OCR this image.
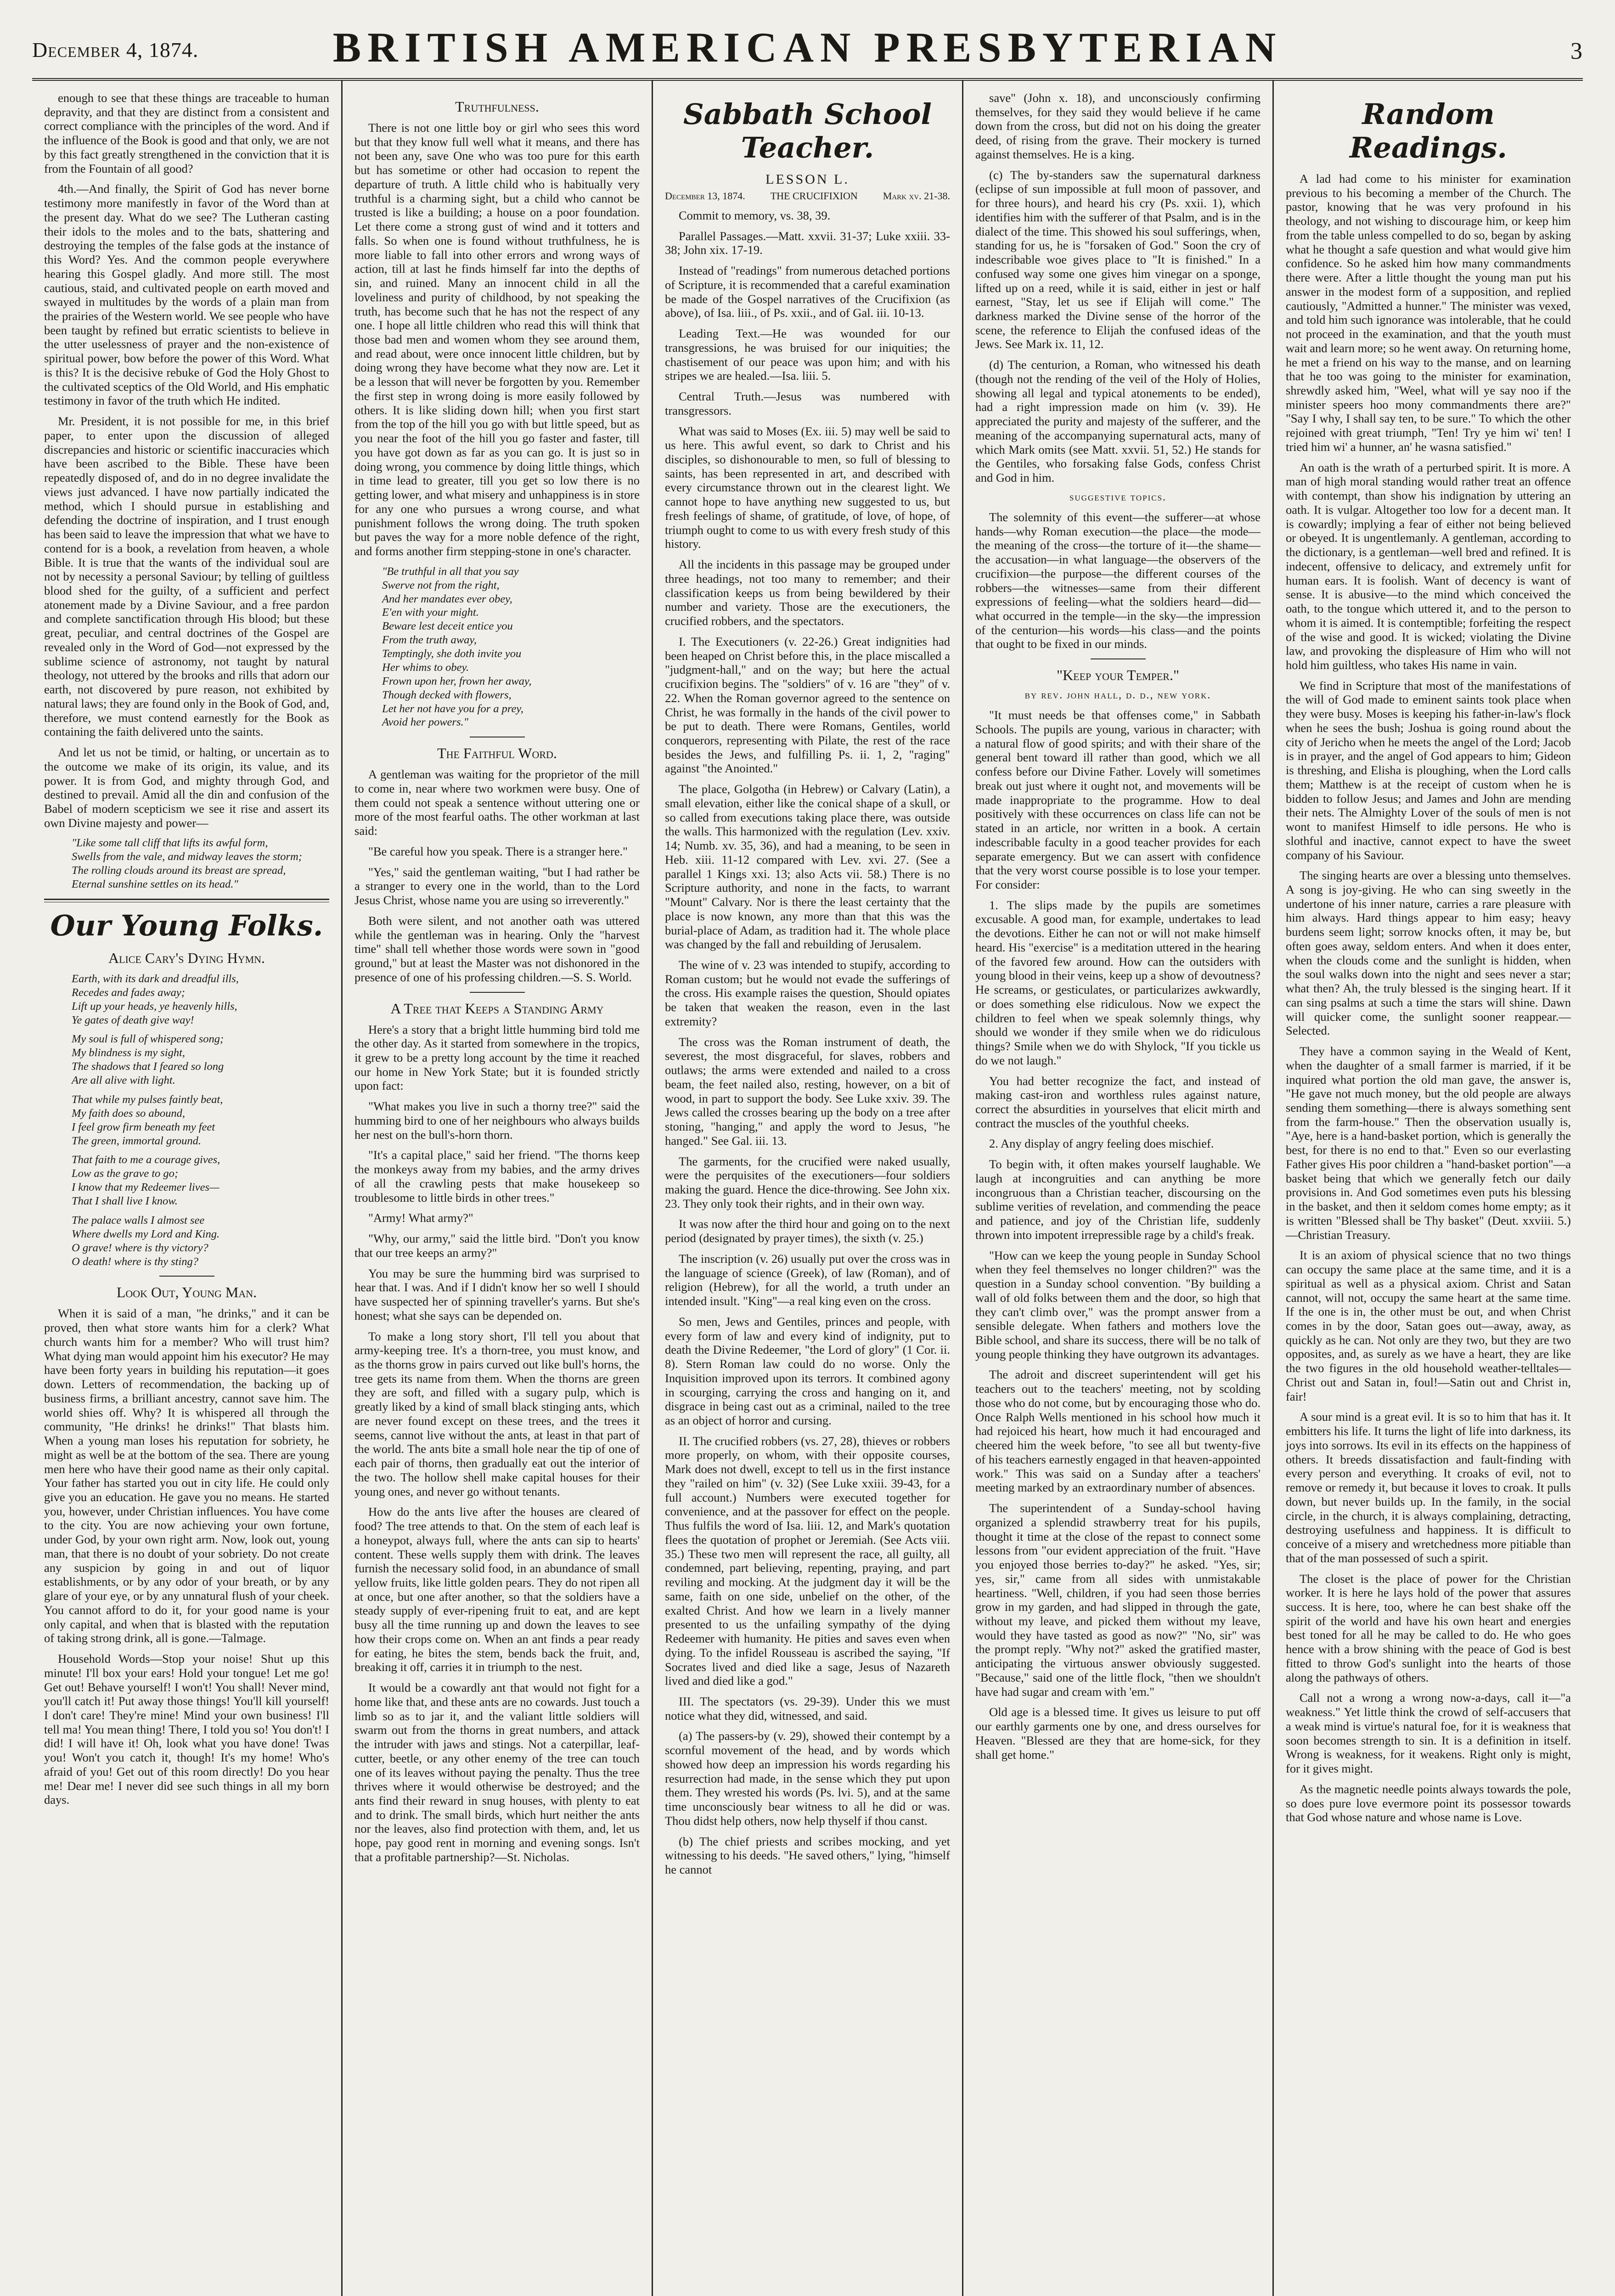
December 4, 1874.	BRITISH AMERICAN PRESBYTERIAN	3

enough to see that these things are traceable to human depravity, and that they are distinct from a consistent and correct compliance with the principles of the word. And if the influence of the Book is good and that only, we are not by this fact greatly strengthened in the conviction that it is from the Fountain of all good?

4th.—And finally, the Spirit of God has never borne testimony more manifestly in favor of the Word than at the present day. What do we see? The Lutheran casting their idols to the moles and to the bats, shattering and destroying the temples of the false gods at the instance of this Word? Yes. And the common people everywhere hearing this Gospel gladly. And more still. The most cautious, staid, and cultivated people on earth moved and swayed in multitudes by the words of a plain man from the prairies of the Western world. We see people who have been taught by refined but erratic scientists to believe in the utter uselessness of prayer and the non-existence of spiritual power, bow before the power of this Word. What is this? It is the decisive rebuke of God the Holy Ghost to the cultivated sceptics of the Old World, and His emphatic testimony in favor of the truth which He indited.

Mr. President, it is not possible for me, in this brief paper, to enter upon the discussion of alleged discrepancies and historic or scientific inaccuracies which have been ascribed to the Bible. These have been repeatedly disposed of, and do in no degree invalidate the views just advanced. I have now partially indicated the method, which I should pursue in establishing and defending the doctrine of inspiration, and I trust enough has been said to leave the impression that what we have to contend for is a book, a revelation from heaven, a whole Bible. It is true that the wants of the individual soul are not by necessity a personal Saviour; by telling of guiltless blood shed for the guilty, of a sufficient and perfect atonement made by a Divine Saviour, and a free pardon and complete sanctification through His blood; but these great, peculiar, and central doctrines of the Gospel are revealed only in the Word of God—not expressed by the sublime science of astronomy, not taught by natural theology, not uttered by the brooks and rills that adorn our earth, not discovered by pure reason, not exhibited by natural laws; they are found only in the Book of God, and, therefore, we must contend earnestly for the Book as containing the faith delivered unto the saints.

And let us not be timid, or halting, or uncertain as to the outcome we make of its origin, its value, and its power. It is from God, and mighty through God, and destined to prevail. Amid all the din and confusion of the Babel of modern scepticism we see it rise and assert its own Divine majesty and power—

"Like some tall cliff that lifts its awful form,
Swells from the vale, and midway leaves the storm;
The rolling clouds around its breast are spread,
Eternal sunshine settles on its head."
Our Young Folks.
Alice Cary's Dying Hymn.
Earth, with its dark and dreadful ills,
Recedes and fades away;
Lift up your heads, ye heavenly hills,
Ye gates of death give way!
My soul is full of whispered song;
My blindness is my sight,
The shadows that I feared so long
Are all alive with light.
That while my pulses faintly beat,
My faith does so abound,
I feel grow firm beneath my feet
The green, immortal ground.
That faith to me a courage gives,
Low as the grave to go;
I know that my Redeemer lives—
That I shall live I know.
The palace walls I almost see
Where dwells my Lord and King.
O grave! where is thy victory?
O death! where is thy sting?
Look Out, Young Man.

When it is said of a man, "he drinks," and it can be proved, then what store wants him for a clerk? What church wants him for a member? Who will trust him? What dying man would appoint him his executor? He may have been forty years in building his reputation—it goes down. Letters of recommendation, the backing up of business firms, a brilliant ancestry, cannot save him. The world shies off. Why? It is whispered all through the community, "He drinks! he drinks!" That blasts him. When a young man loses his reputation for sobriety, he might as well be at the bottom of the sea. There are young men here who have their good name as their only capital. Your father has started you out in city life. He could only give you an education. He gave you no means. He started you, however, under Christian influences. You have come to the city. You are now achieving your own fortune, under God, by your own right arm. Now, look out, young man, that there is no doubt of your sobriety. Do not create any suspicion by going in and out of liquor establishments, or by any odor of your breath, or by any glare of your eye, or by any unnatural flush of your cheek. You cannot afford to do it, for your good name is your only capital, and when that is blasted with the reputation of taking strong drink, all is gone.—Talmage.

Household Words—Stop your noise! Shut up this minute! I'll box your ears! Hold your tongue! Let me go! Get out! Behave yourself! I won't! You shall! Never mind, you'll catch it! Put away those things! You'll kill yourself! I don't care! They're mine! Mind your own business! I'll tell ma! You mean thing! There, I told you so! You don't! I did! I will have it! Oh, look what you have done! Twas you! Won't you catch it, though! It's my home! Who's afraid of you! Get out of this room directly! Do you hear me! Dear me! I never did see such things in all my born days.

Truthfulness.

There is not one little boy or girl who sees this word but that they know full well what it means, and there has not been any, save One who was too pure for this earth but has sometime or other had occasion to repent the departure of truth. A little child who is habitually very truthful is a charming sight, but a child who cannot be trusted is like a building; a house on a poor foundation. Let there come a strong gust of wind and it totters and falls. So when one is found without truthfulness, he is more liable to fall into other errors and wrong ways of action, till at last he finds himself far into the depths of sin, and ruined. Many an innocent child in all the loveliness and purity of childhood, by not speaking the truth, has become such that he has not the respect of any one. I hope all little children who read this will think that those bad men and women whom they see around them, and read about, were once innocent little children, but by doing wrong they have become what they now are. Let it be a lesson that will never be forgotten by you. Remember the first step in wrong doing is more easily followed by others. It is like sliding down hill; when you first start from the top of the hill you go with but little speed, but as you near the foot of the hill you go faster and faster, till you have got down as far as you can go. It is just so in doing wrong, you commence by doing little things, which in time lead to greater, till you get so low there is no getting lower, and what misery and unhappiness is in store for any one who pursues a wrong course, and what punishment follows the wrong doing. The truth spoken but paves the way for a more noble defence of the right, and forms another firm stepping-stone in one's character.

"Be truthful in all that you say
Swerve not from the right,
And her mandates ever obey,
E'en with your might.
Beware lest deceit entice you
From the truth away,
Temptingly, she doth invite you
Her whims to obey.
Frown upon her, frown her away,
Though decked with flowers,
Let her not have you for a prey,
Avoid her powers."
The Faithful Word.

A gentleman was waiting for the proprietor of the mill to come in, near where two workmen were busy. One of them could not speak a sentence without uttering one or more of the most fearful oaths. The other workman at last said:

"Be careful how you speak. There is a stranger here."

"Yes," said the gentleman waiting, "but I had rather be a stranger to every one in the world, than to the Lord Jesus Christ, whose name you are using so irreverently."

Both were silent, and not another oath was uttered while the gentleman was in hearing. Only the "harvest time" shall tell whether those words were sown in "good ground," but at least the Master was not dishonored in the presence of one of his professing children.—S. S. World.

A Tree that Keeps a Standing Army

Here's a story that a bright little humming bird told me the other day. As it started from somewhere in the tropics, it grew to be a pretty long account by the time it reached our home in New York State; but it is founded strictly upon fact:

"What makes you live in such a thorny tree?" said the humming bird to one of her neighbours who always builds her nest on the bull's-horn thorn.

"It's a capital place," said her friend. "The thorns keep the monkeys away from my babies, and the army drives of all the crawling pests that make housekeep so troublesome to little birds in other trees."

"Army! What army?"

"Why, our army," said the little bird. "Don't you know that our tree keeps an army?"

You may be sure the humming bird was surprised to hear that. I was. And if I didn't know her so well I should have suspected her of spinning traveller's yarns. But she's honest; what she says can be depended on.

To make a long story short, I'll tell you about that army-keeping tree. It's a thorn-tree, you must know, and as the thorns grow in pairs curved out like bull's horns, the tree gets its name from them. When the thorns are green they are soft, and filled with a sugary pulp, which is greatly liked by a kind of small black stinging ants, which are never found except on these trees, and the trees it seems, cannot live without the ants, at least in that part of the world. The ants bite a small hole near the tip of one of each pair of thorns, then gradually eat out the interior of the two. The hollow shell make capital houses for their young ones, and never go without tenants.

How do the ants live after the houses are cleared of food? The tree attends to that. On the stem of each leaf is a honeypot, always full, where the ants can sip to hearts' content. These wells supply them with drink. The leaves furnish the necessary solid food, in an abundance of small yellow fruits, like little golden pears. They do not ripen all at once, but one after another, so that the soldiers have a steady supply of ever-ripening fruit to eat, and are kept busy all the time running up and down the leaves to see how their crops come on. When an ant finds a pear ready for eating, he bites the stem, bends back the fruit, and, breaking it off, carries it in triumph to the nest.

It would be a cowardly ant that would not fight for a home like that, and these ants are no cowards. Just touch a limb so as to jar it, and the valiant little soldiers will swarm out from the thorns in great numbers, and attack the intruder with jaws and stings. Not a caterpillar, leaf-cutter, beetle, or any other enemy of the tree can touch one of its leaves without paying the penalty. Thus the tree thrives where it would otherwise be destroyed; and the ants find their reward in snug houses, with plenty to eat and to drink. The small birds, which hurt neither the ants nor the leaves, also find protection with them, and, let us hope, pay good rent in morning and evening songs. Isn't that a profitable partnership?—St. Nicholas.

Sabbath School Teacher.
LESSON L.
December 13, 1874. THE CRUCIFIXION Mark xv. 21-38.

Commit to memory, vs. 38, 39.

Parallel Passages.—Matt. xxvii. 31-37; Luke xxiii. 33-38; John xix. 17-19.

Instead of "readings" from numerous detached portions of Scripture, it is recommended that a careful examination be made of the Gospel narratives of the Crucifixion (as above), of Isa. liii., of Ps. xxii., and of Gal. iii. 10-13.

Leading Text.—He was wounded for our transgressions, he was bruised for our iniquities; the chastisement of our peace was upon him; and with his stripes we are healed.—Isa. liii. 5.

Central Truth.—Jesus was numbered with transgressors.

What was said to Moses (Ex. iii. 5) may well be said to us here. This awful event, so dark to Christ and his disciples, so dishonourable to men, so full of blessing to saints, has been represented in art, and described with every circumstance thrown out in the clearest light. We cannot hope to have anything new suggested to us, but fresh feelings of shame, of gratitude, of love, of hope, of triumph ought to come to us with every fresh study of this history.

All the incidents in this passage may be grouped under three headings, not too many to remember; and their classification keeps us from being bewildered by their number and variety. Those are the executioners, the crucified robbers, and the spectators.

I. The Executioners (v. 22-26.) Great indignities had been heaped on Christ before this, in the place miscalled a "judgment-hall," and on the way; but here the actual crucifixion begins. The "soldiers" of v. 16 are "they" of v. 22. When the Roman governor agreed to the sentence on Christ, he was formally in the hands of the civil power to be put to death. There were Romans, Gentiles, world conquerors, representing with Pilate, the rest of the race besides the Jews, and fulfilling Ps. ii. 1, 2, "raging" against "the Anointed."

The place, Golgotha (in Hebrew) or Calvary (Latin), a small elevation, either like the conical shape of a skull, or so called from executions taking place there, was outside the walls. This harmonized with the regulation (Lev. xxiv. 14; Numb. xv. 35, 36), and had a meaning, to be seen in Heb. xiii. 11-12 compared with Lev. xvi. 27. (See a parallel 1 Kings xxi. 13; also Acts vii. 58.) There is no Scripture authority, and none in the facts, to warrant "Mount" Calvary. Nor is there the least certainty that the place is now known, any more than that this was the burial-place of Adam, as tradition had it. The whole place was changed by the fall and rebuilding of Jerusalem.

The wine of v. 23 was intended to stupify, according to Roman custom; but he would not evade the sufferings of the cross. His example raises the question, Should opiates be taken that weaken the reason, even in the last extremity?

The cross was the Roman instrument of death, the severest, the most disgraceful, for slaves, robbers and outlaws; the arms were extended and nailed to a cross beam, the feet nailed also, resting, however, on a bit of wood, in part to support the body. See Luke xxiv. 39. The Jews called the crosses bearing up the body on a tree after stoning, "hanging," and apply the word to Jesus, "he hanged." See Gal. iii. 13.

The garments, for the crucified were naked usually, were the perquisites of the executioners—four soldiers making the guard. Hence the dice-throwing. See John xix. 23. They only took their rights, and in their own way.

It was now after the third hour and going on to the next period (designated by prayer times), the sixth (v. 25.)

The inscription (v. 26) usually put over the cross was in the language of science (Greek), of law (Roman), and of religion (Hebrew), for all the world, a truth under an intended insult. "King"—a real king even on the cross.

So men, Jews and Gentiles, princes and people, with every form of law and every kind of indignity, put to death the Divine Redeemer, "the Lord of glory" (1 Cor. ii. 8). Stern Roman law could do no worse. Only the Inquisition improved upon its terrors. It combined agony in scourging, carrying the cross and hanging on it, and disgrace in being cast out as a criminal, nailed to the tree as an object of horror and cursing.

II. The crucified robbers (vs. 27, 28), thieves or robbers more properly, on whom, with their opposite courses, Mark does not dwell, except to tell us in the first instance they "railed on him" (v. 32) (See Luke xxiii. 39-43, for a full account.) Numbers were executed together for convenience, and at the passover for effect on the people. Thus fulfils the word of Isa. liii. 12, and Mark's quotation flees the quotation of prophet or Jeremiah. (See Acts viii. 35.) These two men will represent the race, all guilty, all condemned, part believing, repenting, praying, and part reviling and mocking. At the judgment day it will be the same, faith on one side, unbelief on the other, of the exalted Christ. And how we learn in a lively manner presented to us the unfailing sympathy of the dying Redeemer with humanity. He pities and saves even when dying. To the infidel Rousseau is ascribed the saying, "If Socrates lived and died like a sage, Jesus of Nazareth lived and died like a god."

III. The spectators (vs. 29-39). Under this we must notice what they did, witnessed, and said.

(a) The passers-by (v. 29), showed their contempt by a scornful movement of the head, and by words which showed how deep an impression his words regarding his resurrection had made, in the sense which they put upon them. They wrested his words (Ps. lvi. 5), and at the same time unconsciously bear witness to all he did or was. Thou didst help others, now help thyself if thou canst.

(b) The chief priests and scribes mocking, and yet witnessing to his deeds. "He saved others," lying, "himself he cannot

save" (John x. 18), and unconsciously confirming themselves, for they said they would believe if he came down from the cross, but did not on his doing the greater deed, of rising from the grave. Their mockery is turned against themselves. He is a king.

(c) The by-standers saw the supernatural darkness (eclipse of sun impossible at full moon of passover, and for three hours), and heard his cry (Ps. xxii. 1), which identifies him with the sufferer of that Psalm, and is in the dialect of the time. This showed his soul sufferings, when, standing for us, he is "forsaken of God." Soon the cry of indescribable woe gives place to "It is finished." In a confused way some one gives him vinegar on a sponge, lifted up on a reed, while it is said, either in jest or half earnest, "Stay, let us see if Elijah will come." The darkness marked the Divine sense of the horror of the scene, the reference to Elijah the confused ideas of the Jews. See Mark ix. 11, 12.

(d) The centurion, a Roman, who witnessed his death (though not the rending of the veil of the Holy of Holies, showing all legal and typical atonements to be ended), had a right impression made on him (v. 39). He appreciated the purity and majesty of the sufferer, and the meaning of the accompanying supernatural acts, many of which Mark omits (see Matt. xxvii. 51, 52.) He stands for the Gentiles, who forsaking false Gods, confess Christ and God in him.

suggestive topics.

The solemnity of this event—the sufferer—at whose hands—why Roman execution—the place—the mode—the meaning of the cross—the torture of it—the shame—the accusation—in what language—the observers of the crucifixion—the purpose—the different courses of the robbers—the witnesses—same from their different expressions of feeling—what the soldiers heard—did—what occurred in the temple—in the sky—the impression of the centurion—his words—his class—and the points that ought to be fixed in our minds.

"Keep your Temper."
by rev. john hall, d. d., new york.

"It must needs be that offenses come," in Sabbath Schools. The pupils are young, various in character; with a natural flow of good spirits; and with their share of the general bent toward ill rather than good, which we all confess before our Divine Father. Lovely will sometimes break out just where it ought not, and movements will be made inappropriate to the programme. How to deal positively with these occurrences on class life can not be stated in an article, nor written in a book. A certain indescribable faculty in a good teacher provides for each separate emergency. But we can assert with confidence that the very worst course possible is to lose your temper. For consider:

1. The slips made by the pupils are sometimes excusable. A good man, for example, undertakes to lead the devotions. Either he can not or will not make himself heard. His "exercise" is a meditation uttered in the hearing of the favored few around. How can the outsiders with young blood in their veins, keep up a show of devoutness? He screams, or gesticulates, or particularizes awkwardly, or does something else ridiculous. Now we expect the children to feel when we speak solemnly things, why should we wonder if they smile when we do ridiculous things? Smile when we do with Shylock, "If you tickle us do we not laugh."

You had better recognize the fact, and instead of making cast-iron and worthless rules against nature, correct the absurdities in yourselves that elicit mirth and contract the muscles of the youthful cheeks.

2. Any display of angry feeling does mischief.

To begin with, it often makes yourself laughable. We laugh at incongruities and can anything be more incongruous than a Christian teacher, discoursing on the sublime verities of revelation, and commending the peace and patience, and joy of the Christian life, suddenly thrown into impotent irrepressible rage by a child's freak.

"How can we keep the young people in Sunday School when they feel themselves no longer children?" was the question in a Sunday school convention. "By building a wall of old folks between them and the door, so high that they can't climb over," was the prompt answer from a sensible delegate. When fathers and mothers love the Bible school, and share its success, there will be no talk of young people thinking they have outgrown its advantages.

The adroit and discreet superintendent will get his teachers out to the teachers' meeting, not by scolding those who do not come, but by encouraging those who do. Once Ralph Wells mentioned in his school how much it had rejoiced his heart, how much it had encouraged and cheered him the week before, "to see all but twenty-five of his teachers earnestly engaged in that heaven-appointed work." This was said on a Sunday after a teachers' meeting marked by an extraordinary number of absences.

The superintendent of a Sunday-school having organized a splendid strawberry treat for his pupils, thought it time at the close of the repast to connect some lessons from "our evident appreciation of the fruit. "Have you enjoyed those berries to-day?" he asked. "Yes, sir; yes, sir," came from all sides with unmistakable heartiness. "Well, children, if you had seen those berries grow in my garden, and had slipped in through the gate, without my leave, and picked them without my leave, would they have tasted as good as now?" "No, sir" was the prompt reply. "Why not?" asked the gratified master, anticipating the virtuous answer obviously suggested. "Because," said one of the little flock, "then we shouldn't have had sugar and cream with 'em."

Old age is a blessed time. It gives us leisure to put off our earthly garments one by one, and dress ourselves for Heaven. "Blessed are they that are home-sick, for they shall get home."

Random Readings.

A lad had come to his minister for examination previous to his becoming a member of the Church. The pastor, knowing that he was very profound in his theology, and not wishing to discourage him, or keep him from the table unless compelled to do so, began by asking what he thought a safe question and what would give him confidence. So he asked him how many commandments there were. After a little thought the young man put his answer in the modest form of a supposition, and replied cautiously, "Admitted a hunner." The minister was vexed, and told him such ignorance was intolerable, that he could not proceed in the examination, and that the youth must wait and learn more; so he went away. On returning home, he met a friend on his way to the manse, and on learning that he too was going to the minister for examination, shrewdly asked him, "Weel, what will ye say noo if the minister speers hoo mony commandments there are?" "Say I why, I shall say ten, to be sure." To which the other rejoined with great triumph, "Ten! Try ye him wi' ten! I tried him wi' a hunner, an' he wasna satisfied."

An oath is the wrath of a perturbed spirit. It is more. A man of high moral standing would rather treat an offence with contempt, than show his indignation by uttering an oath. It is vulgar. Altogether too low for a decent man. It is cowardly; implying a fear of either not being believed or obeyed. It is ungentlemanly. A gentleman, according to the dictionary, is a gentleman—well bred and refined. It is indecent, offensive to delicacy, and extremely unfit for human ears. It is foolish. Want of decency is want of sense. It is abusive—to the mind which conceived the oath, to the tongue which uttered it, and to the person to whom it is aimed. It is contemptible; forfeiting the respect of the wise and good. It is wicked; violating the Divine law, and provoking the displeasure of Him who will not hold him guiltless, who takes His name in vain.

We find in Scripture that most of the manifestations of the will of God made to eminent saints took place when they were busy. Moses is keeping his father-in-law's flock when he sees the bush; Joshua is going round about the city of Jericho when he meets the angel of the Lord; Jacob is in prayer, and the angel of God appears to him; Gideon is threshing, and Elisha is ploughing, when the Lord calls them; Matthew is at the receipt of custom when he is bidden to follow Jesus; and James and John are mending their nets. The Almighty Lover of the souls of men is not wont to manifest Himself to idle persons. He who is slothful and inactive, cannot expect to have the sweet company of his Saviour.

The singing hearts are over a blessing unto themselves. A song is joy-giving. He who can sing sweetly in the undertone of his inner nature, carries a rare pleasure with him always. Hard things appear to him easy; heavy burdens seem light; sorrow knocks often, it may be, but often goes away, seldom enters. And when it does enter, when the clouds come and the sunlight is hidden, when the soul walks down into the night and sees never a star; what then? Ah, the truly blessed is the singing heart. If it can sing psalms at such a time the stars will shine. Dawn will quicker come, the sunlight sooner reappear.—Selected.

They have a common saying in the Weald of Kent, when the daughter of a small farmer is married, if it be inquired what portion the old man gave, the answer is, "He gave not much money, but the old people are always sending them something—there is always something sent from the farm-house." Then the observation usually is, "Aye, here is a hand-basket portion, which is generally the best, for there is no end to that." Even so our everlasting Father gives His poor children a "hand-basket portion"—a basket being that which we generally fetch our daily provisions in. And God sometimes even puts his blessing in the basket, and then it seldom comes home empty; as it is written "Blessed shall be Thy basket" (Deut. xxviii. 5.)—Christian Treasury.

It is an axiom of physical science that no two things can occupy the same place at the same time, and it is a spiritual as well as a physical axiom. Christ and Satan cannot, will not, occupy the same heart at the same time. If the one is in, the other must be out, and when Christ comes in by the door, Satan goes out—away, away, as quickly as he can. Not only are they two, but they are two opposites, and, as surely as we have a heart, they are like the two figures in the old household weather-telltales—Christ out and Satan in, foul!—Satin out and Christ in, fair!

A sour mind is a great evil. It is so to him that has it. It embitters his life. It turns the light of life into darkness, its joys into sorrows. Its evil in its effects on the happiness of others. It breeds dissatisfaction and fault-finding with every person and everything. It croaks of evil, not to remove or remedy it, but because it loves to croak. It pulls down, but never builds up. In the family, in the social circle, in the church, it is always complaining, detracting, destroying usefulness and happiness. It is difficult to conceive of a misery and wretchedness more pitiable than that of the man possessed of such a spirit.

The closet is the place of power for the Christian worker. It is here he lays hold of the power that assures success. It is here, too, where he can best shake off the spirit of the world and have his own heart and energies best toned for all he may be called to do. He who goes hence with a brow shining with the peace of God is best fitted to throw God's sunlight into the hearts of those along the pathways of others.

Call not a wrong a wrong now-a-days, call it—"a weakness." Yet little think the crowd of self-accusers that a weak mind is virtue's natural foe, for it is weakness that soon becomes strength to sin. It is a definition in itself. Wrong is weakness, for it weakens. Right only is might, for it gives might.

As the magnetic needle points always towards the pole, so does pure love evermore point its possessor towards that God whose nature and whose name is Love.
